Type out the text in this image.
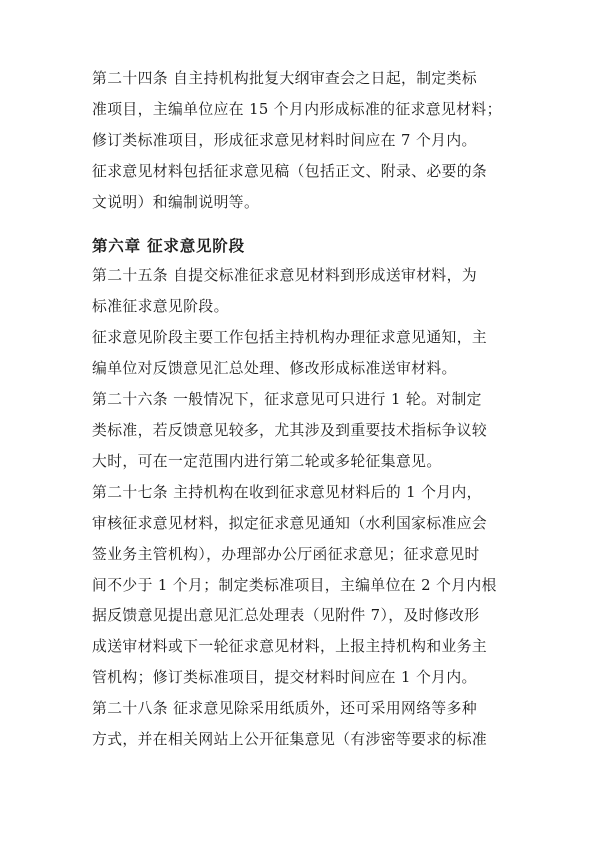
第二十四条 自主持机构批复大纲审查会之日起，制定类标
准项目，主编单位应在 15 个月内形成标准的征求意见材料；
修订类标准项目，形成征求意见材料时间应在 7 个月内。

征求意见材料包括征求意见稿（包括正文、附录、必要的条
文说明）和编制说明等。

第六章 征求意见阶段

第二十五条 自提交标准征求意见材料到形成送审材料，为
标准征求意见阶段。

征求意见阶段主要工作包括主持机构办理征求意见通知，主
编单位对反馈意见汇总处理、修改形成标准送审材料。

第二十六条 一般情况下，征求意见可只进行 1 轮。对制定
类标准，若反馈意见较多，尤其涉及到重要技术指标争议较
大时，可在一定范围内进行第二轮或多轮征集意见。

第二十七条 主持机构在收到征求意见材料后的 1 个月内，
审核征求意见材料，拟定征求意见通知（水利国家标准应会
签业务主管机构），办理部办公厅函征求意见；征求意见时
间不少于 1 个月；制定类标准项目，主编单位在 2 个月内根
据反馈意见提出意见汇总处理表（见附件 7），及时修改形
成送审材料或下一轮征求意见材料，上报主持机构和业务主
管机构；修订类标准项目，提交材料时间应在 1 个月内。

第二十八条 征求意见除采用纸质外，还可采用网络等多种
方式，并在相关网站上公开征集意见（有涉密等要求的标准
